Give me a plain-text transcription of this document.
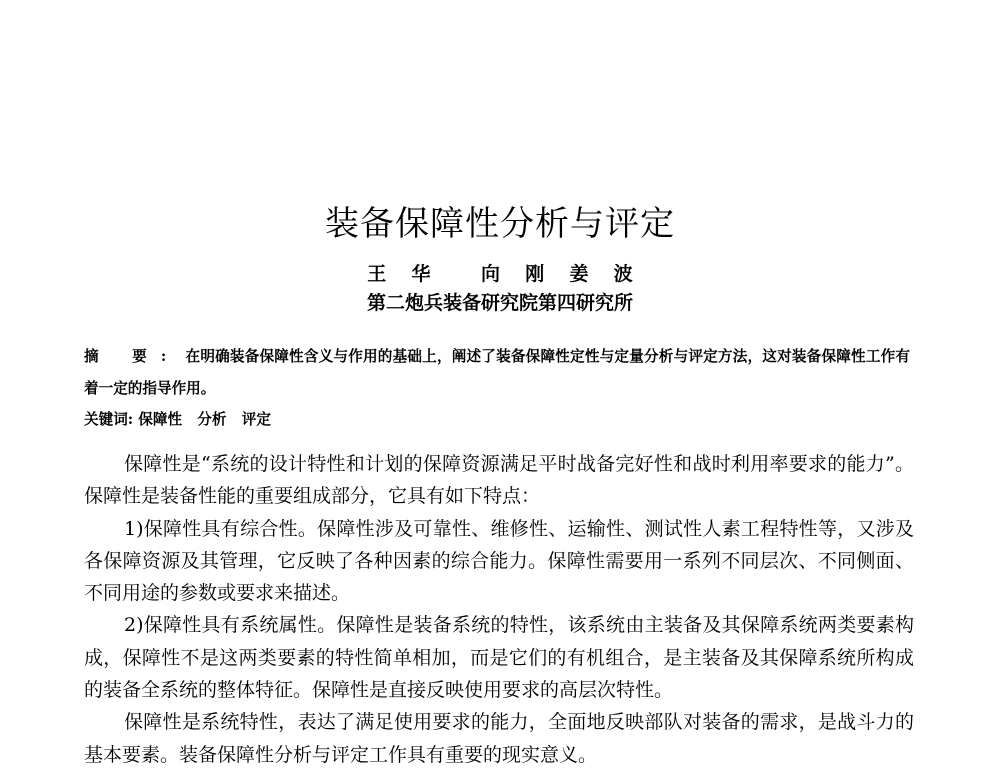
装备保障性分析与评定
王  华    向  刚  姜  波
第二炮兵装备研究院第四研究所

摘 要: 在明确装备保障性含义与作用的基础上，阐述了装备保障性定性与定量分析与评定方法，这对装备保障性工作有着一定的指导作用。

关键词: 保障性   分析   评定

保障性是“系统的设计特性和计划的保障资源满足平时战备完好性和战时利用率要求的能力”。保障性是装备性能的重要组成部分，它具有如下特点：

1)保障性具有综合性。保障性涉及可靠性、维修性、运输性、测试性人素工程特性等，又涉及各保障资源及其管理，它反映了各种因素的综合能力。保障性需要用一系列不同层次、不同侧面、不同用途的参数或要求来描述。

2)保障性具有系统属性。保障性是装备系统的特性，该系统由主装备及其保障系统两类要素构成，保障性不是这两类要素的特性简单相加，而是它们的有机组合，是主装备及其保障系统所构成的装备全系统的整体特征。保障性是直接反映使用要求的高层次特性。

保障性是系统特性，表达了满足使用要求的能力，全面地反映部队对装备的需求，是战斗力的基本要素。装备保障性分析与评定工作具有重要的现实意义。
